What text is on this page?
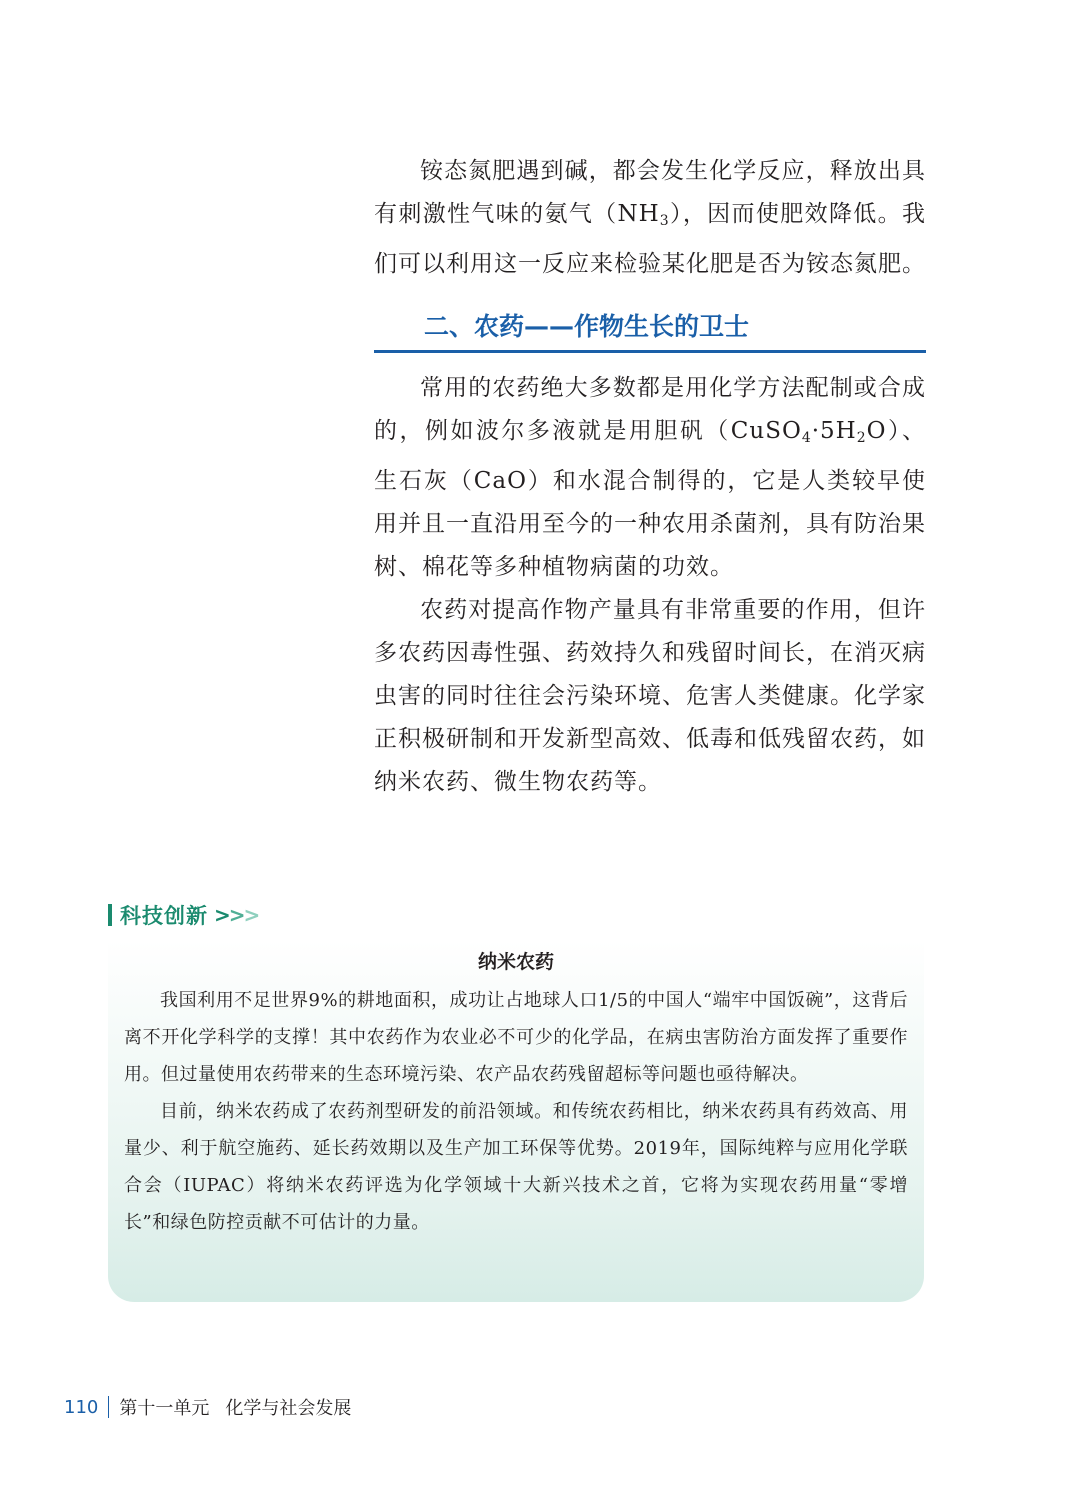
铵态氮肥遇到碱，都会发生化学反应，释放出具有刺激性气味的氨气$(NH_3)$，因而使肥效降低。我们可以利用这一反应来检验某化肥是否为铵态氮肥。

二、农药——作物生长的卫士

常用的农药绝大多数都是用化学方法配制或合成的，例如波尔多液就是用胆矾$(CuSO_4\cdot 5H_2O)$、生石灰（CaO）和水混合制得的，它是人类较早使用并且一直沿用至今的一种农用杀菌剂，具有防治果树、棉花等多种植物病菌的功效。

农药对提高作物产量具有非常重要的作用，但许多农药因毒性强、药效持久和残留时间长，在消灭病虫害的同时往往会污染环境、危害人类健康。化学家正积极研制和开发新型高效、低毒和低残留农药，如纳米农药、微生物农药等。

科技创新 >
>
>
纳米农药

我国利用不足世界9%的耕地面积，成功让占地球人口1/5的中国人“端牢中国饭碗”，这背后离不开化学科学的支撑！其中农药作为农业必不可少的化学品，在病虫害防治方面发挥了重要作用。但过量使用农药带来的生态环境污染、农产品农药残留超标等问题也亟待解决。

目前，纳米农药成了农药剂型研发的前沿领域。和传统农药相比，纳米农药具有药效高、用量少、利于航空施药、延长药效期以及生产加工环保等优势。2019年，国际纯粹与应用化学联合会（IUPAC）将纳米农药评选为化学领域十大新兴技术之首，它将为实现农药用量“零增长”和绿色防控贡献不可估计的力量。

110 第十一单元 化学与社会发展
